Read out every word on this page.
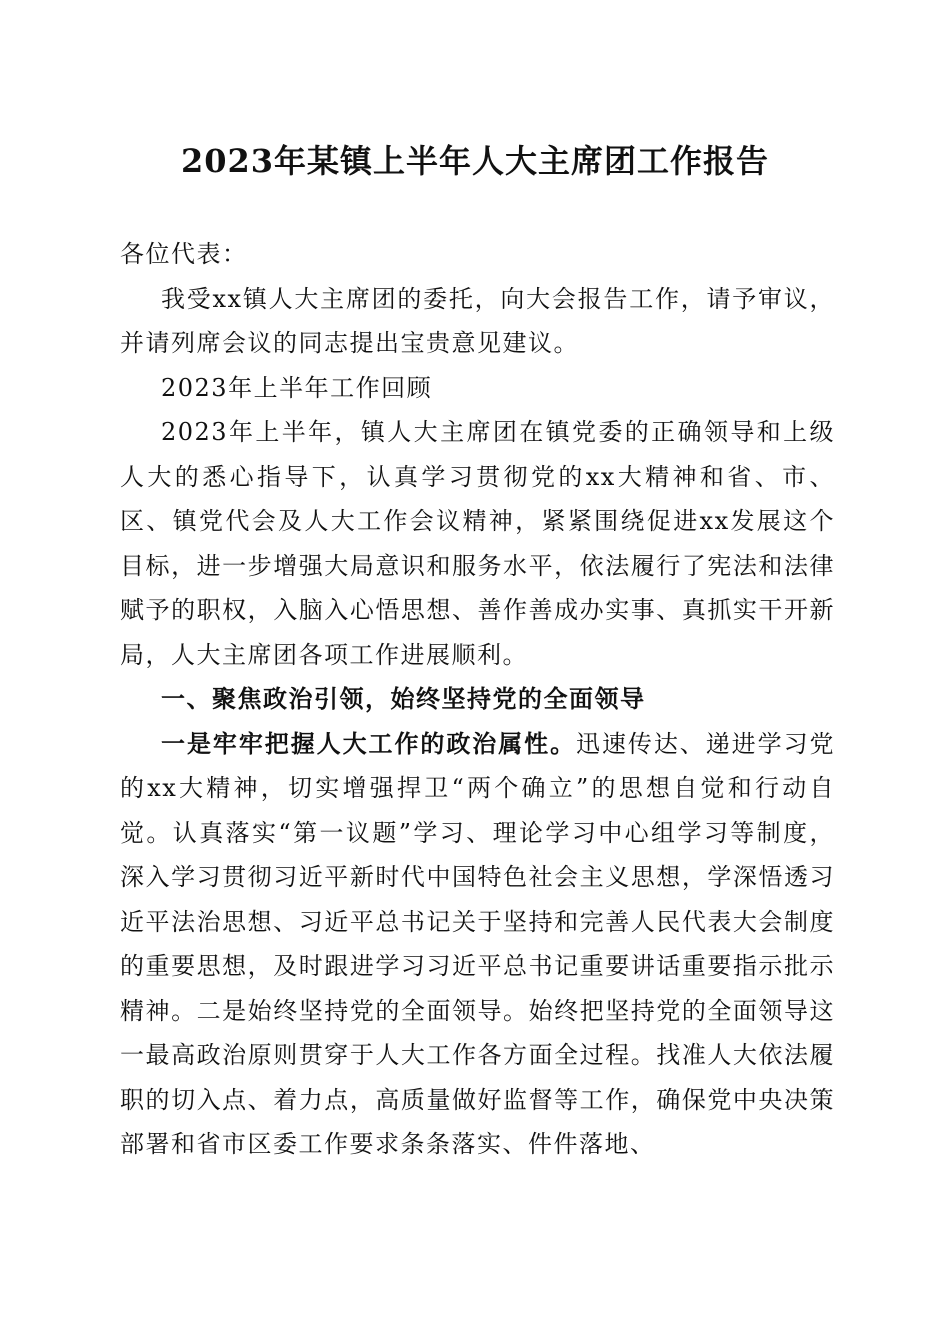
2023年某镇上半年人大主席团工作报告

各位代表：

我受xx镇人大主席团的委托，向大会报告工作，请予审议，并请列席会议的同志提出宝贵意见建议。

2023年上半年工作回顾

2023年上半年，镇人大主席团在镇党委的正确领导和上级人大的悉心指导下，认真学习贯彻党的xx大精神和省、市、区、镇党代会及人大工作会议精神，紧紧围绕促进xx发展这个目标，进一步增强大局意识和服务水平，依法履行了宪法和法律赋予的职权，入脑入心悟思想、善作善成办实事、真抓实干开新局，人大主席团各项工作进展顺利。

一、聚焦政治引领，始终坚持党的全面领导

一是牢牢把握人大工作的政治属性。迅速传达、递进学习党的xx大精神，切实增强捍卫“两个确立”的思想自觉和行动自觉。认真落实“第一议题”学习、理论学习中心组学习等制度，深入学习贯彻习近平新时代中国特色社会主义思想，学深悟透习近平法治思想、习近平总书记关于坚持和完善人民代表大会制度的重要思想，及时跟进学习习近平总书记重要讲话重要指示批示精神。二是始终坚持党的全面领导。始终把坚持党的全面领导这一最高政治原则贯穿于人大工作各方面全过程。找准人大依法履职的切入点、着力点，高质量做好监督等工作，确保党中央决策部署和省市区委工作要求条条落实、件件落地、
